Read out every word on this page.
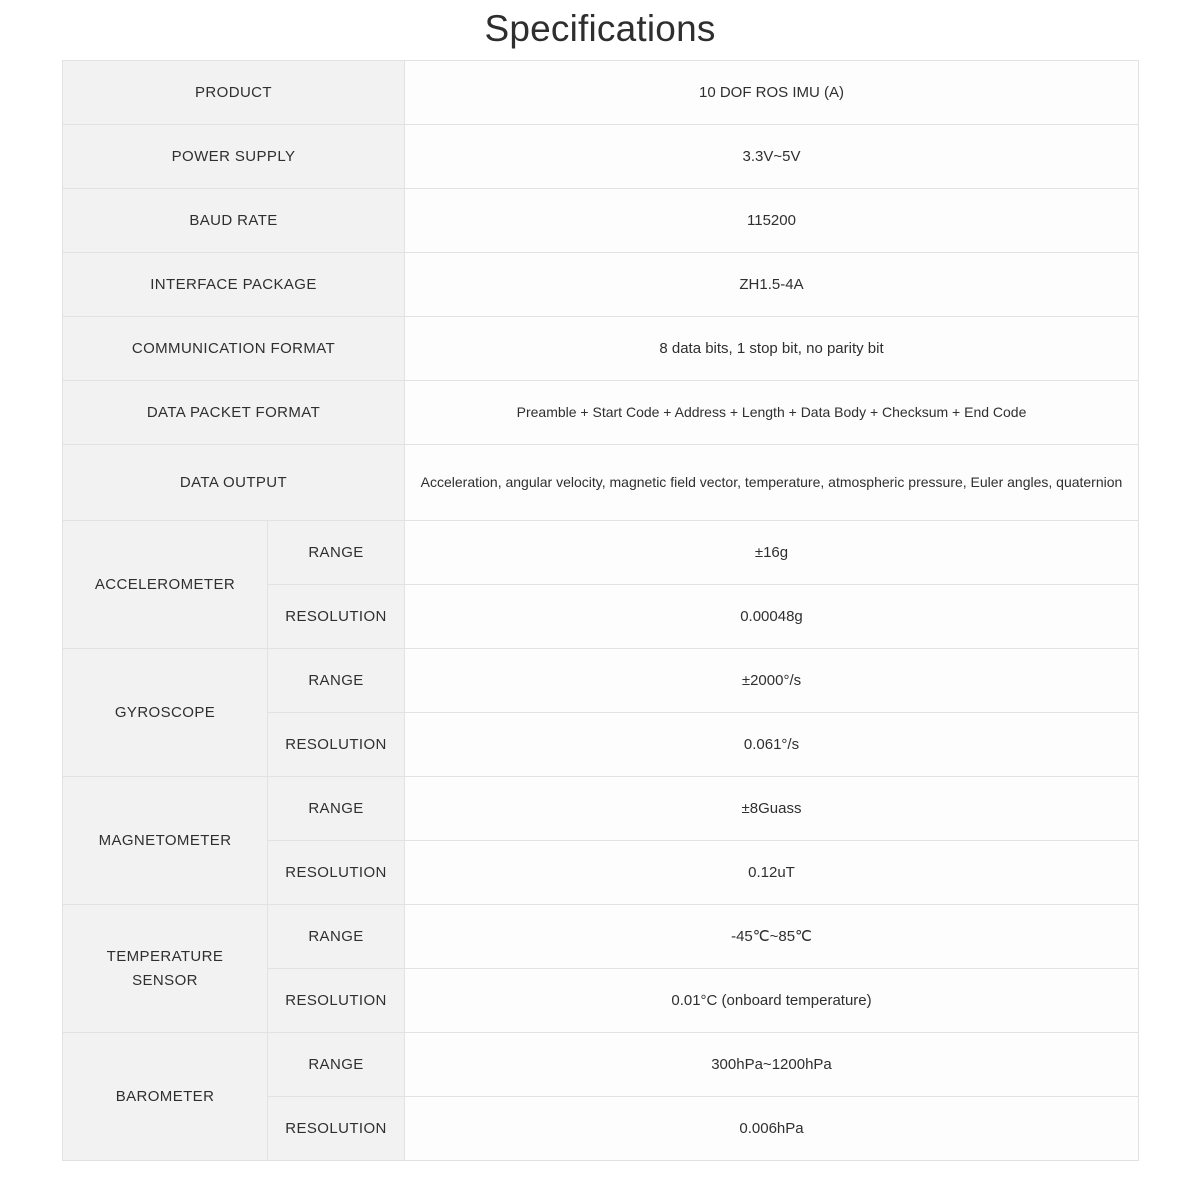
Specifications
PRODUCT		10 DOF ROS IMU (A)
POWER SUPPLY		3.3V~5V
BAUD RATE		115200
INTERFACE PACKAGE		ZH1.5-4A
COMMUNICATION FORMAT		8 data bits, 1 stop bit, no parity bit
DATA PACKET FORMAT		Preamble + Start Code + Address + Length + Data Body + Checksum + End Code
DATA OUTPUT		Acceleration, angular velocity, magnetic field vector, temperature, atmospheric pressure, Euler angles, quaternion
ACCELEROMETER	RANGE	±16g
	RESOLUTION	0.00048g
GYROSCOPE	RANGE	±2000°/s
	RESOLUTION	0.061°/s
MAGNETOMETER	RANGE	±8Guass
	RESOLUTION	0.12uT
TEMPERATURE SENSOR	RANGE	-45℃~85℃
	RESOLUTION	0.01°C (onboard temperature)
BAROMETER	RANGE	300hPa~1200hPa
	RESOLUTION	0.006hPa
